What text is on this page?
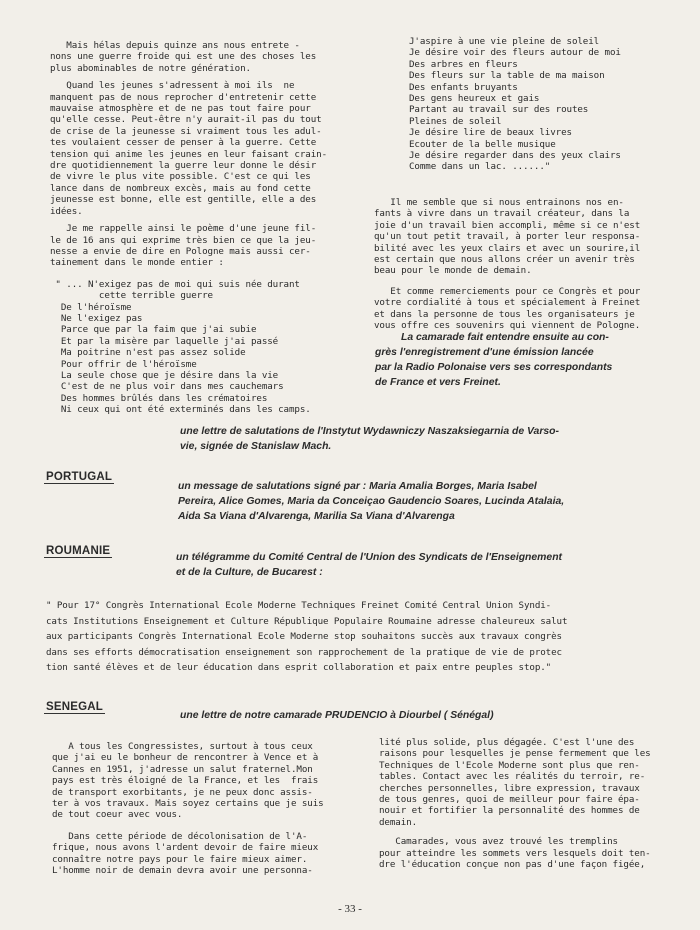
Mais hélas depuis quinze ans nous entrete -
nons une guerre froide qui est une des choses les
plus abominables de notre génération.

Quand les jeunes s'adressent à moi ils  ne
manquent pas de nous reprocher d'entretenir cette
mauvaise atmosphère et de ne pas tout faire pour
qu'elle cesse. Peut-être n'y aurait-il pas du tout
de crise de la jeunesse si vraiment tous les adul-
tes voulaient cesser de penser à la guerre. Cette
tension qui anime les jeunes en leur faisant crain-
dre quotidiennement la guerre leur donne le désir
de vivre le plus vite possible. C'est ce qui les
lance dans de nombreux excès, mais au fond cette
jeunesse est bonne, elle est gentille, elle a des
idées.

Je me rappelle ainsi le poème d'une jeune fil-
le de 16 ans qui exprime très bien ce que la jeu-
nesse a envie de dire en Pologne mais aussi cer-
tainement dans le monde entier :

" ... N'exigez pas de moi qui suis née durant
cette terrible guerre
De l'héroïsme
Ne l'exigez pas
Parce que par la faim que j'ai subie
Et par la misère par laquelle j'ai passé
Ma poitrine n'est pas assez solide
Pour offrir de l'héroïsme
La seule chose que je désire dans la vie
C'est de ne plus voir dans mes cauchemars
Des hommes brûlés dans les crématoires
Ni ceux qui ont été exterminés dans les camps.

J'aspire à une vie pleine de soleil
Je désire voir des fleurs autour de moi
Des arbres en fleurs
Des fleurs sur la table de ma maison
Des enfants bruyants
Des gens heureux et gais
Partant au travail sur des routes
Pleines de soleil
Je désire lire de beaux livres
Ecouter de la belle musique
Je désire regarder dans des yeux clairs
Comme dans un lac. ......"

Il me semble que si nous entrainons nos en-
fants à vivre dans un travail créateur, dans la
joie d'un travail bien accompli, même si ce n'est
qu'un tout petit travail, à porter leur responsa-
bilité avec les yeux clairs et avec un sourire,il
est certain que nous allons créer un avenir très
beau pour le monde de demain.

Et comme remerciements pour ce Congrès et pour
votre cordialité à tous et spécialement à Freinet
et dans la personne de tous les organisateurs je
vous offre ces souvenirs qui viennent de Pologne.

La camarade fait entendre ensuite au con-
grès l'enregistrement d'une émission lancée
par la Radio Polonaise vers ses correspondants
de France et vers Freinet.

une lettre de salutations de l'Instytut Wydawniczy Naszaksiegarnia de Varso-
vie, signée de Stanislaw Mach.

PORTUGAL

un message de salutations signé par : Maria Amalia Borges, Maria Isabel
Pereira, Alice Gomes, Maria da Conceiçao Gaudencio Soares, Lucinda Atalaia,
Aida Sa Viana d'Alvarenga, Marilia Sa Viana d'Alvarenga

ROUMANIE

un télégramme du Comité Central de l'Union des Syndicats de l'Enseignement
et de la Culture, de Bucarest :

" Pour 17° Congrès International Ecole Moderne Techniques Freinet Comité Central Union Syndi-
cats Institutions Enseignement et Culture République Populaire Roumaine adresse chaleureux salut
aux participants Congrès International Ecole Moderne stop souhaitons succès aux travaux congrès
dans ses efforts démocratisation enseignement son rapprochement de la pratique de vie de protec
tion santé élèves et de leur éducation dans esprit collaboration et paix entre peuples stop."

SENEGAL

une lettre de notre camarade PRUDENCIO à Diourbel ( Sénégal)

A tous les Congressistes, surtout à tous ceux
que j'ai eu le bonheur de rencontrer à Vence et à
Cannes en 1951, j'adresse un salut fraternel.Mon
pays est très éloigné de la France, et les  frais
de transport exorbitants, je ne peux donc assis-
ter à vos travaux. Mais soyez certains que je suis
de tout coeur avec vous.

Dans cette période de décolonisation de l'A-
frique, nous avons l'ardent devoir de faire mieux
connaître notre pays pour le faire mieux aimer.
L'homme noir de demain devra avoir une personna-

lité plus solide, plus dégagée. C'est l'une des
raisons pour lesquelles je pense fermement que les
Techniques de l'Ecole Moderne sont plus que ren-
tables. Contact avec les réalités du terroir, re-
cherches personnelles, libre expression, travaux
de tous genres, quoi de meilleur pour faire épa-
nouir et fortifier la personnalité des hommes de
demain.

Camarades, vous avez trouvé les tremplins
pour atteindre les sommets vers lesquels doit ten-
dre l'éducation conçue non pas d'une façon figée,

- 33 -
